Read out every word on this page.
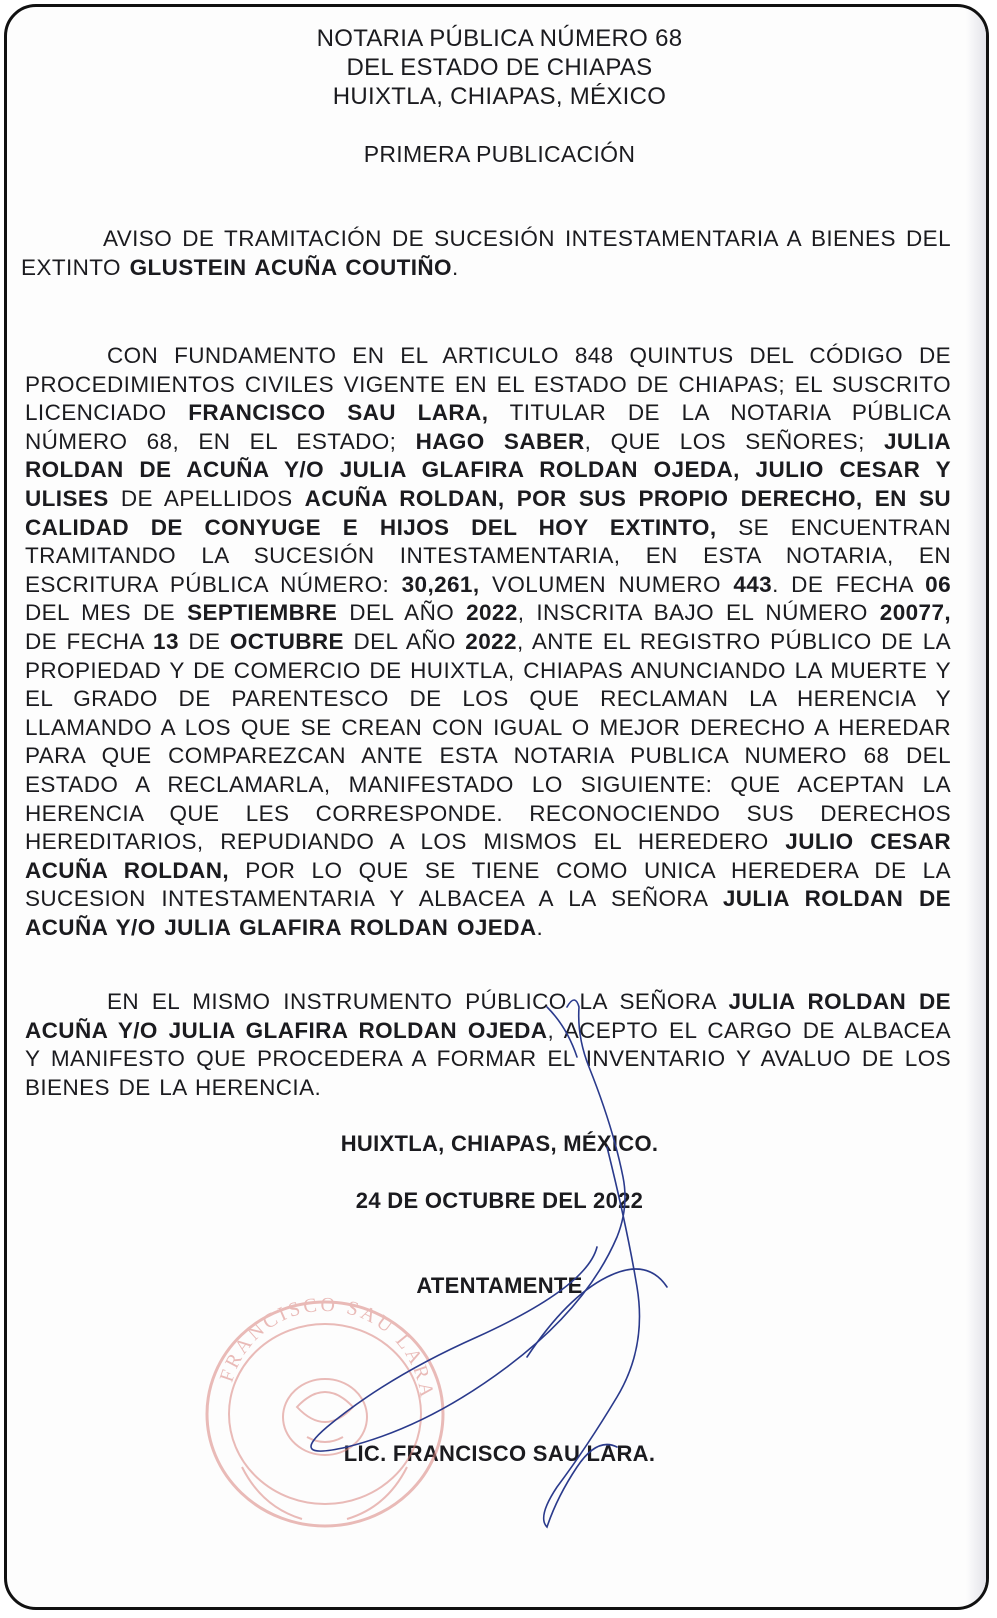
NOTARIA PÚBLICA NÚMERO 68
DEL ESTADO DE CHIAPAS
HUIXTLA, CHIAPAS, MÉXICO
PRIMERA PUBLICACIÓN
AVISO DE TRAMITACIÓN DE SUCESIÓN INTESTAMENTARIA A BIENES DEL EXTINTO GLUSTEIN ACUÑA COUTIÑO.
CON FUNDAMENTO EN EL ARTICULO 848 QUINTUS DEL CÓDIGO DE PROCEDIMIENTOS CIVILES VIGENTE EN EL ESTADO DE CHIAPAS; EL SUSCRITO LICENCIADO FRANCISCO SAU LARA, TITULAR DE LA NOTARIA PÚBLICA NÚMERO 68, EN EL ESTADO; HAGO SABER, QUE LOS SEÑORES; JULIA ROLDAN DE ACUÑA Y/O JULIA GLAFIRA ROLDAN OJEDA, JULIO CESAR Y ULISES DE APELLIDOS ACUÑA ROLDAN, POR SUS PROPIO DERECHO, EN SU CALIDAD DE CONYUGE E HIJOS DEL HOY EXTINTO, SE ENCUENTRAN TRAMITANDO LA SUCESIÓN INTESTAMENTARIA, EN ESTA NOTARIA, EN ESCRITURA PÚBLICA NÚMERO: 30,261, VOLUMEN NUMERO 443. DE FECHA 06 DEL MES DE SEPTIEMBRE DEL AÑO 2022, INSCRITA BAJO EL NÚMERO 20077, DE FECHA 13 DE OCTUBRE DEL AÑO 2022, ANTE EL REGISTRO PÚBLICO DE LA PROPIEDAD Y DE COMERCIO DE HUIXTLA, CHIAPAS ANUNCIANDO LA MUERTE Y EL GRADO DE PARENTESCO DE LOS QUE RECLAMAN LA HERENCIA Y LLAMANDO A LOS QUE SE CREAN CON IGUAL O MEJOR DERECHO A HEREDAR PARA QUE COMPAREZCAN ANTE ESTA NOTARIA PUBLICA NUMERO 68 DEL ESTADO A RECLAMARLA, MANIFESTADO LO SIGUIENTE: QUE ACEPTAN LA HERENCIA QUE LES CORRESPONDE. RECONOCIENDO SUS DERECHOS HEREDITARIOS, REPUDIANDO A LOS MISMOS EL HEREDERO JULIO CESAR ACUÑA ROLDAN, POR LO QUE SE TIENE COMO UNICA HEREDERA DE LA SUCESION INTESTAMENTARIA Y ALBACEA A LA SEÑORA JULIA ROLDAN DE ACUÑA Y/O JULIA GLAFIRA ROLDAN OJEDA.
EN EL MISMO INSTRUMENTO PÚBLICO LA SEÑORA JULIA ROLDAN DE ACUÑA Y/O JULIA GLAFIRA ROLDAN OJEDA, ACEPTO EL CARGO DE ALBACEA Y MANIFESTO QUE PROCEDERA A FORMAR EL INVENTARIO Y AVALUO DE LOS BIENES DE LA HERENCIA.
HUIXTLA, CHIAPAS, MÉXICO.
24 DE OCTUBRE DEL 2022
ATENTAMENTE
LIC. FRANCISCO SAU LARA.
FRANCISCO SAU LARA
